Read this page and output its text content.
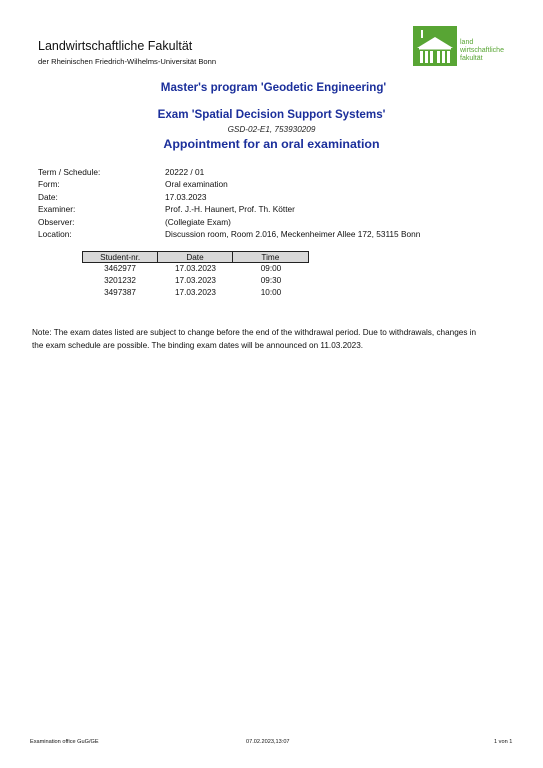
Landwirtschaftliche Fakultät
der Rheinischen Friedrich-Wilhelms-Universität Bonn
land
wirtschaftliche
fakultät
Master's program 'Geodetic Engineering'
Exam 'Spatial Decision Support Systems'
GSD-02-E1, 753930209
Appointment for an oral examination
Term / Schedule:	20222 / 01
Form:	Oral examination
Date:	17.03.2023
Examiner:	Prof. J.-H. Haunert, Prof. Th. Kötter
Observer:	(Collegiate Exam)
Location:	Discussion room, Room 2.016, Meckenheimer Allee 172, 53115 Bonn
Student-nr.	Date	Time
3462977	17.03.2023	09:00
3201232	17.03.2023	09:30
3497387	17.03.2023	10:00
Note: The exam dates listed are subject to change before the end of the withdrawal period. Due to withdrawals, changes in
the exam schedule are possible. The binding exam dates will be announced on 11.03.2023.
Examination office GuG/GE	07.02.2023,13:07	1 von 1
